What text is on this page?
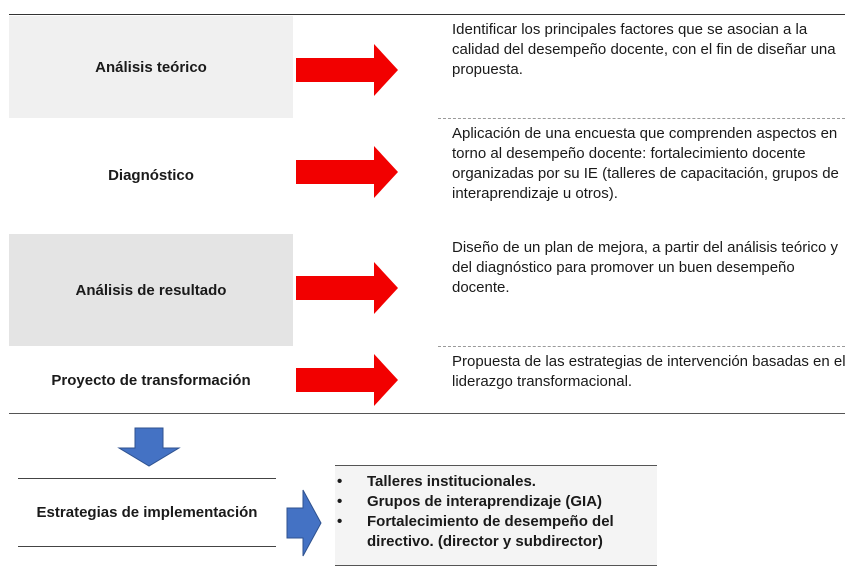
Análisis teórico
Identificar los principales factores que se asocian a la calidad del desempeño docente, con el fin de diseñar una propuesta.
Diagnóstico
Aplicación de una encuesta que comprenden aspectos en torno al desempeño docente: fortalecimiento docente organizadas por su IE (talleres de capacitación, grupos de interaprendizaje u otros).
Análisis de resultado
Diseño de un plan de mejora, a partir del análisis teórico y del diagnóstico para promover un buen desempeño docente.
Proyecto de transformación
Propuesta de las estrategias de intervención basadas en el liderazgo transformacional.
Estrategias de implementación
• Talleres institucionales.
• Grupos de interaprendizaje (GIA)
• Fortalecimiento de desempeño del directivo. (director y subdirector)
